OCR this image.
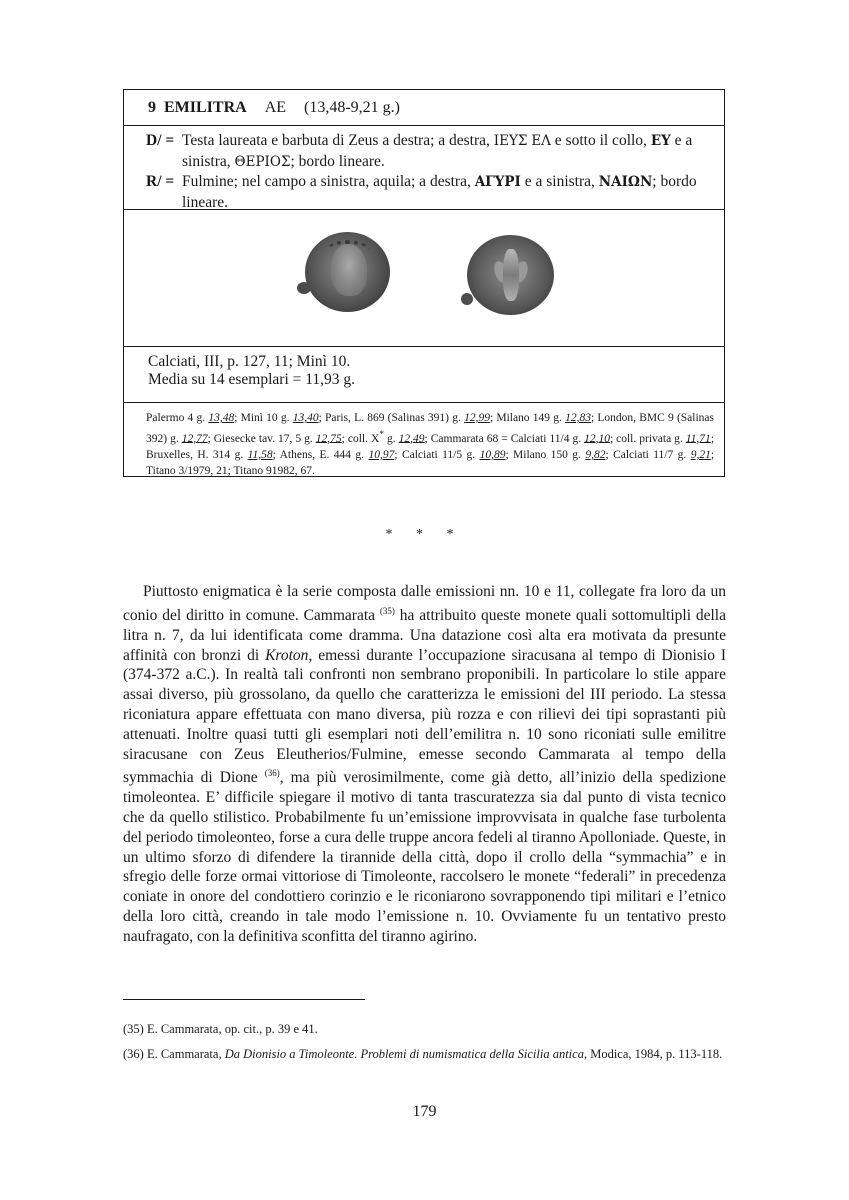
9 EMILITRA AE (13,48-9,21 g.)
D/ = Testa laureata e barbuta di Zeus a destra; a destra, ΙΕΥΣ ΕΛ e sotto il collo, ΕΥ e a sinistra, ΘΕΡΙΟΣ; bordo lineare.
R/ = Fulmine; nel campo a sinistra, aquila; a destra, ΑΓΥΡΙ e a sinistra, ΝΑΙΩΝ; bordo lineare.
Calciati, III, p. 127, 11; Minì 10.
Media su 14 esemplari = 11,93 g.
Palermo 4 g. 13,48; Minì 10 g. 13,40; Paris, L. 869 (Salinas 391) g. 12,99; Milano 149 g. 12,83; London, BMC 9 (Salinas 392) g. 12,77; Giesecke tav. 17, 5 g. 12,75; coll. X* g. 12,49; Cammarata 68 = Calciati 11/4 g. 12,10; coll. privata g. 11,71; Bruxelles, H. 314 g. 11,58; Athens, E. 444 g. 10,97; Calciati 11/5 g. 10,89; Milano 150 g. 9,82; Calciati 11/7 g. 9,21; Titano 3/1979, 21; Titano 91982, 67.
* * *
Piuttosto enigmatica è la serie composta dalle emissioni nn. 10 e 11, collegate fra loro da un conio del diritto in comune. Cammarata $^{(35)}$ ha attribuito queste monete quali sottomultipli della litra n. 7, da lui identificata come dramma. Una datazione così alta era motivata da presunte affinità con bronzi di Kroton, emessi durante l’occupazione siracusana al tempo di Dionisio I (374-372 a.C.). In realtà tali confronti non sembrano proponibili. In particolare lo stile appare assai diverso, più grossolano, da quello che caratterizza le emissioni del III periodo. La stessa riconiatura appare effettuata con mano diversa, più rozza e con rilievi dei tipi soprastanti più attenuati. Inoltre quasi tutti gli esemplari noti dell’emilitra n. 10 sono riconiati sulle emilitre siracusane con Zeus Eleutherios/Fulmine, emesse secondo Cammarata al tempo della symmachia di Dione $^{(36)}$, ma più verosimilmente, come già detto, all’inizio della spedizione timoleontea. E’ difficile spiegare il motivo di tanta trascuratezza sia dal punto di vista tecnico che da quello stilistico. Probabilmente fu un’emissione improvvisata in qualche fase turbolenta del periodo timoleonteo, forse a cura delle truppe ancora fedeli al tiranno Apolloniade. Queste, in un ultimo sforzo di difendere la tirannide della città, dopo il crollo della “symmachia” e in sfregio delle forze ormai vittoriose di Timoleonte, raccolsero le monete “federali” in precedenza coniate in onore del condottiero corinzio e le riconiarono sovrapponendo tipi militari e l’etnico della loro città, creando in tale modo l’emissione n. 10. Ovviamente fu un tentativo presto naufragato, con la definitiva sconfitta del tiranno agirino.
(35) E. Cammarata, op. cit., p. 39 e 41.
(36) E. Cammarata, Da Dionisio a Timoleonte. Problemi di numismatica della Sicilia antica, Modica, 1984, p. 113-118.
179
